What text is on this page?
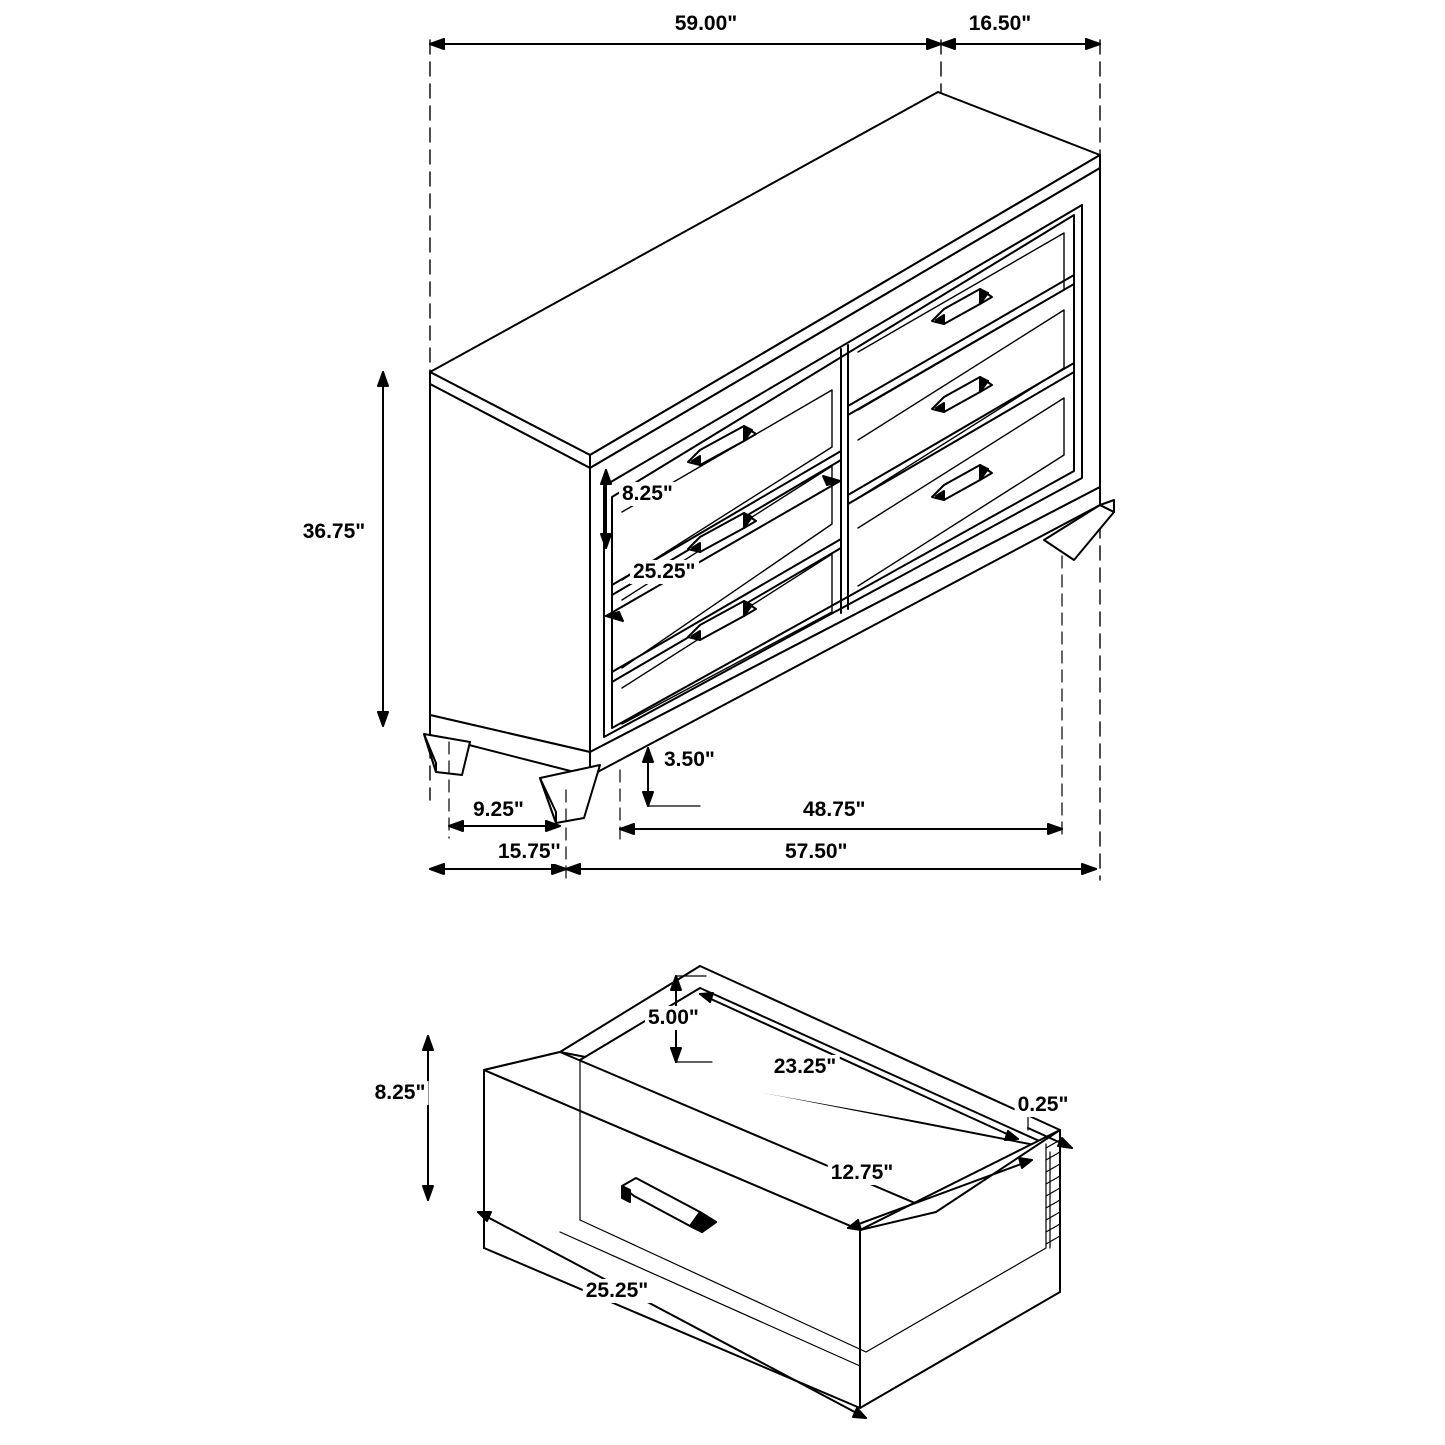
59.00"	16.50"
36.75"
8.25"
25.25"
3.50"
9.25"
15.75''
48.75"
57.50"
5.00"
8.25"
23.25"
0.25"
12.75"
25.25"
